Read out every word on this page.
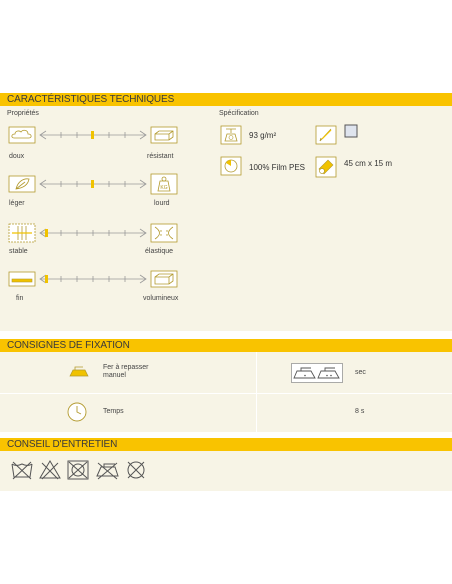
CARACTÉRISTIQUES TECHNIQUES
Propriétés	Spécification
doux	résistant
KG
léger	lourd
stable	élastique
fin	volumineux
93 g/m²
100% Film PES	45 cm x 15 m
CONSIGNES DE FIXATION
Fer à repasser manuel	sec
Temps	8 s
CONSEIL D'ENTRETIEN
